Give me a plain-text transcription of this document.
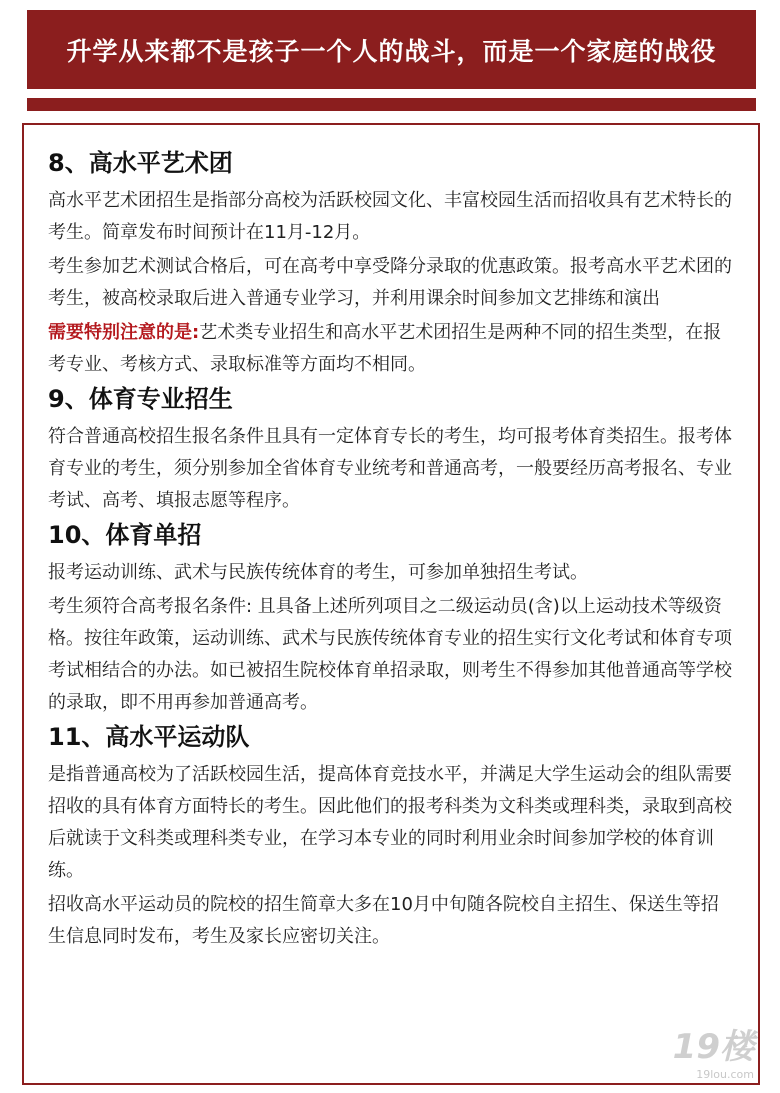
升学从来都不是孩子一个人的战斗，而是一个家庭的战役
8、高水平艺术团

高水平艺术团招生是指部分高校为活跃校园文化、丰富校园生活而招收具有艺术特长的考生。简章发布时间预计在11月-12月。

考生参加艺术测试合格后，可在高考中享受降分录取的优惠政策。报考高水平艺术团的考生，被高校录取后进入普通专业学习，并利用课余时间参加文艺排练和演出

需要特别注意的是:艺术类专业招生和高水平艺术团招生是两种不同的招生类型，在报考专业、考核方式、录取标准等方面均不相同。

9、体育专业招生

符合普通高校招生报名条件且具有一定体育专长的考生，均可报考体育类招生。报考体育专业的考生，须分别参加全省体育专业统考和普通高考，一般要经历高考报名、专业考试、高考、填报志愿等程序。

10、体育单招

报考运动训练、武术与民族传统体育的考生，可参加单独招生考试。

考生须符合高考报名条件: 且具备上述所列项目之二级运动员(含)以上运动技术等级资格。按往年政策，运动训练、武术与民族传统体育专业的招生实行文化考试和体育专项考试相结合的办法。如已被招生院校体育单招录取，则考生不得参加其他普通高等学校的录取，即不用再参加普通高考。

11、高水平运动队

是指普通高校为了活跃校园生活，提高体育竞技水平，并满足大学生运动会的组队需要招收的具有体育方面特长的考生。因此他们的报考科类为文科类或理科类，录取到高校后就读于文科类或理科类专业，在学习本专业的同时利用业余时间参加学校的体育训练。

招收高水平运动员的院校的招生简章大多在10月中旬随各院校自主招生、保送生等招生信息同时发布，考生及家长应密切关注。

19楼
19lou.com
